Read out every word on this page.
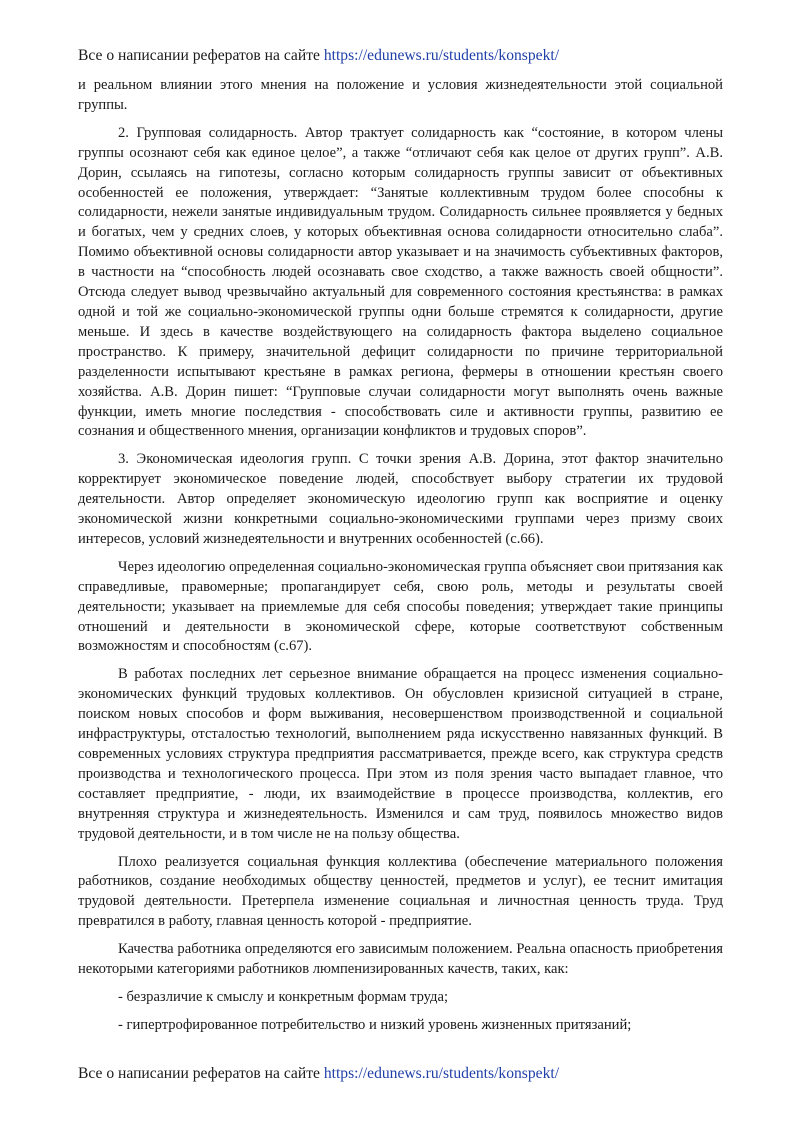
Все о написании рефератов на сайте https://edunews.ru/students/konspekt/

и реальном влиянии этого мнения на положение и условия жизнедеятельности этой социальной группы.

2. Групповая солидарность. Автор трактует солидарность как “состояние, в котором члены группы осознают себя как единое целое”, а также “отличают себя как целое от других групп”. А.В. Дорин, ссылаясь на гипотезы, согласно которым солидарность группы зависит от объективных особенностей ее положения, утверждает: “Занятые коллективным трудом более способны к солидарности, нежели занятые индивидуальным трудом. Солидарность сильнее проявляется у бедных и богатых, чем у средних слоев, у которых объективная основа солидарности относительно слаба”. Помимо объективной основы солидарности автор указывает и на значимость субъективных факторов, в частности на “способность людей осознавать свое сходство, а также важность своей общности”. Отсюда следует вывод чрезвычайно актуальный для современного состояния крестьянства: в рамках одной и той же социально-экономической группы одни больше стремятся к солидарности, другие меньше. И здесь в качестве воздействующего на солидарность фактора выделено социальное пространство. К примеру, значительной дефицит солидарности по причине территориальной разделенности испытывают крестьяне в рамках региона, фермеры в отношении крестьян своего хозяйства. А.В. Дорин пишет: “Групповые случаи солидарности могут выполнять очень важные функции, иметь многие последствия - способствовать силе и активности группы, развитию ее сознания и общественного мнения, организации конфликтов и трудовых споров”.

3. Экономическая идеология групп. С точки зрения А.В. Дорина, этот фактор значительно корректирует экономическое поведение людей, способствует выбору стратегии их трудовой деятельности. Автор определяет экономическую идеологию групп как восприятие и оценку экономической жизни конкретными социально-экономическими группами через призму своих интересов, условий жизнедеятельности и внутренних особенностей (с.66).

Через идеологию определенная социально-экономическая группа объясняет свои притязания как справедливые, правомерные; пропагандирует себя, свою роль, методы и результаты своей деятельности; указывает на приемлемые для себя способы поведения; утверждает такие принципы отношений и деятельности в экономической сфере, которые соответствуют собственным возможностям и способностям (с.67).

В работах последних лет серьезное внимание обращается на процесс изменения социально-экономических функций трудовых коллективов. Он обусловлен кризисной ситуацией в стране, поиском новых способов и форм выживания, несовершенством производственной и социальной инфраструктуры, отсталостью технологий, выполнением ряда искусственно навязанных функций. В современных условиях структура предприятия рассматривается, прежде всего, как структура средств производства и технологического процесса. При этом из поля зрения часто выпадает главное, что составляет предприятие, - люди, их взаимодействие в процессе производства, коллектив, его внутренняя структура и жизнедеятельность. Изменился и сам труд, появилось множество видов трудовой деятельности, и в том числе не на пользу общества.

Плохо реализуется социальная функция коллектива (обеспечение материального положения работников, создание необходимых обществу ценностей, предметов и услуг), ее теснит имитация трудовой деятельности. Претерпела изменение социальная и личностная ценность труда. Труд превратился в работу, главная ценность которой - предприятие.

Качества работника определяются его зависимым положением. Реальна опасность приобретения некоторыми категориями работников люмпенизированных качеств, таких, как:

- безразличие к смыслу и конкретным формам труда;

- гипертрофированное потребительство и низкий уровень жизненных притязаний;

Все о написании рефератов на сайте https://edunews.ru/students/konspekt/
